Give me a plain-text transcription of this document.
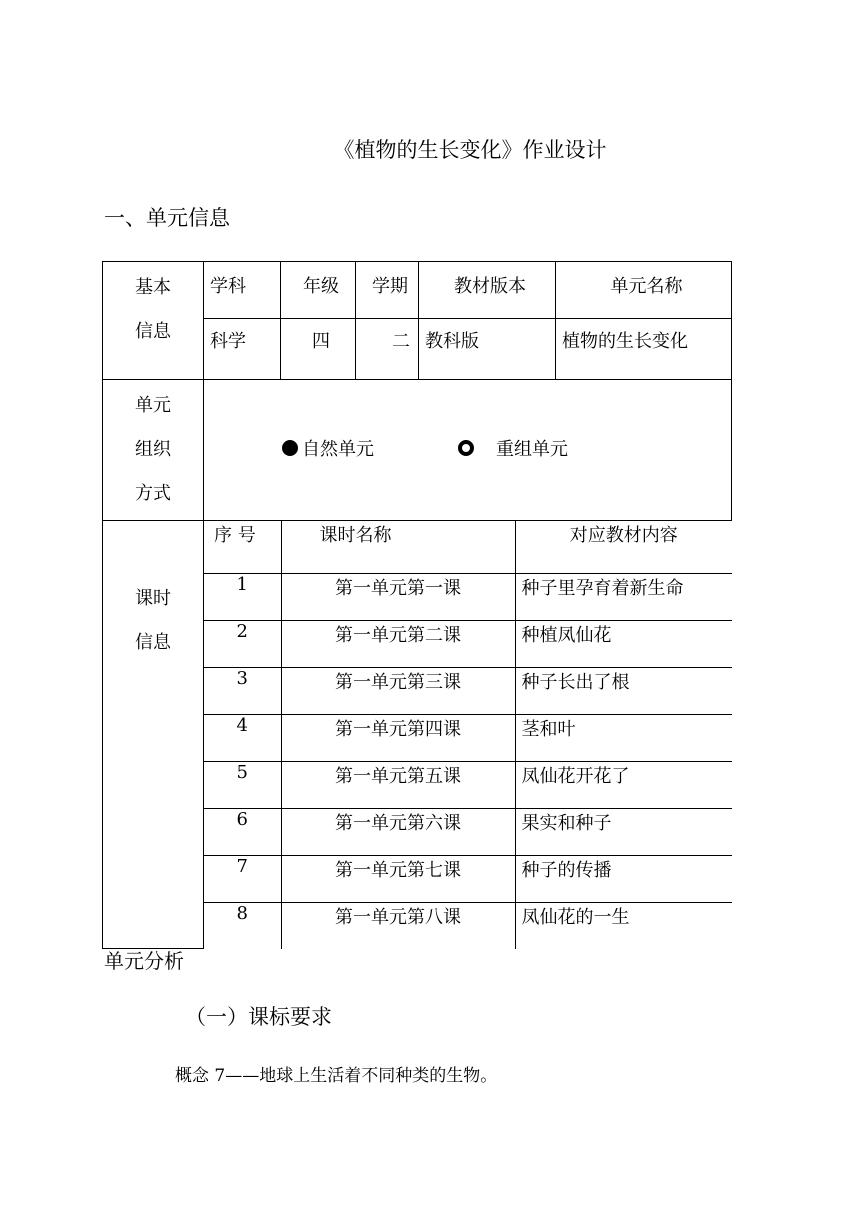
《植物的生长变化》作业设计
一、单元信息
基本
信息
	学科	年级	学期	教材版本	单元名称
科学	四	二	教科版	植物的生长变化

单元
组织
方式

自然单元	重组单元

课时
信息

序 号	课时名称	对应教材内容
1	第一单元第一课	种子里孕育着新生命
2	第一单元第二课	种植凤仙花
3	第一单元第三课	种子长出了根
4	第一单元第四课	茎和叶
5	第一单元第五课	凤仙花开花了
6	第一单元第六课	果实和种子
7	第一单元第七课	种子的传播
8	第一单元第八课	凤仙花的一生
单元分析
（一）课标要求
概念 7——地球上生活着不同种类的生物。
